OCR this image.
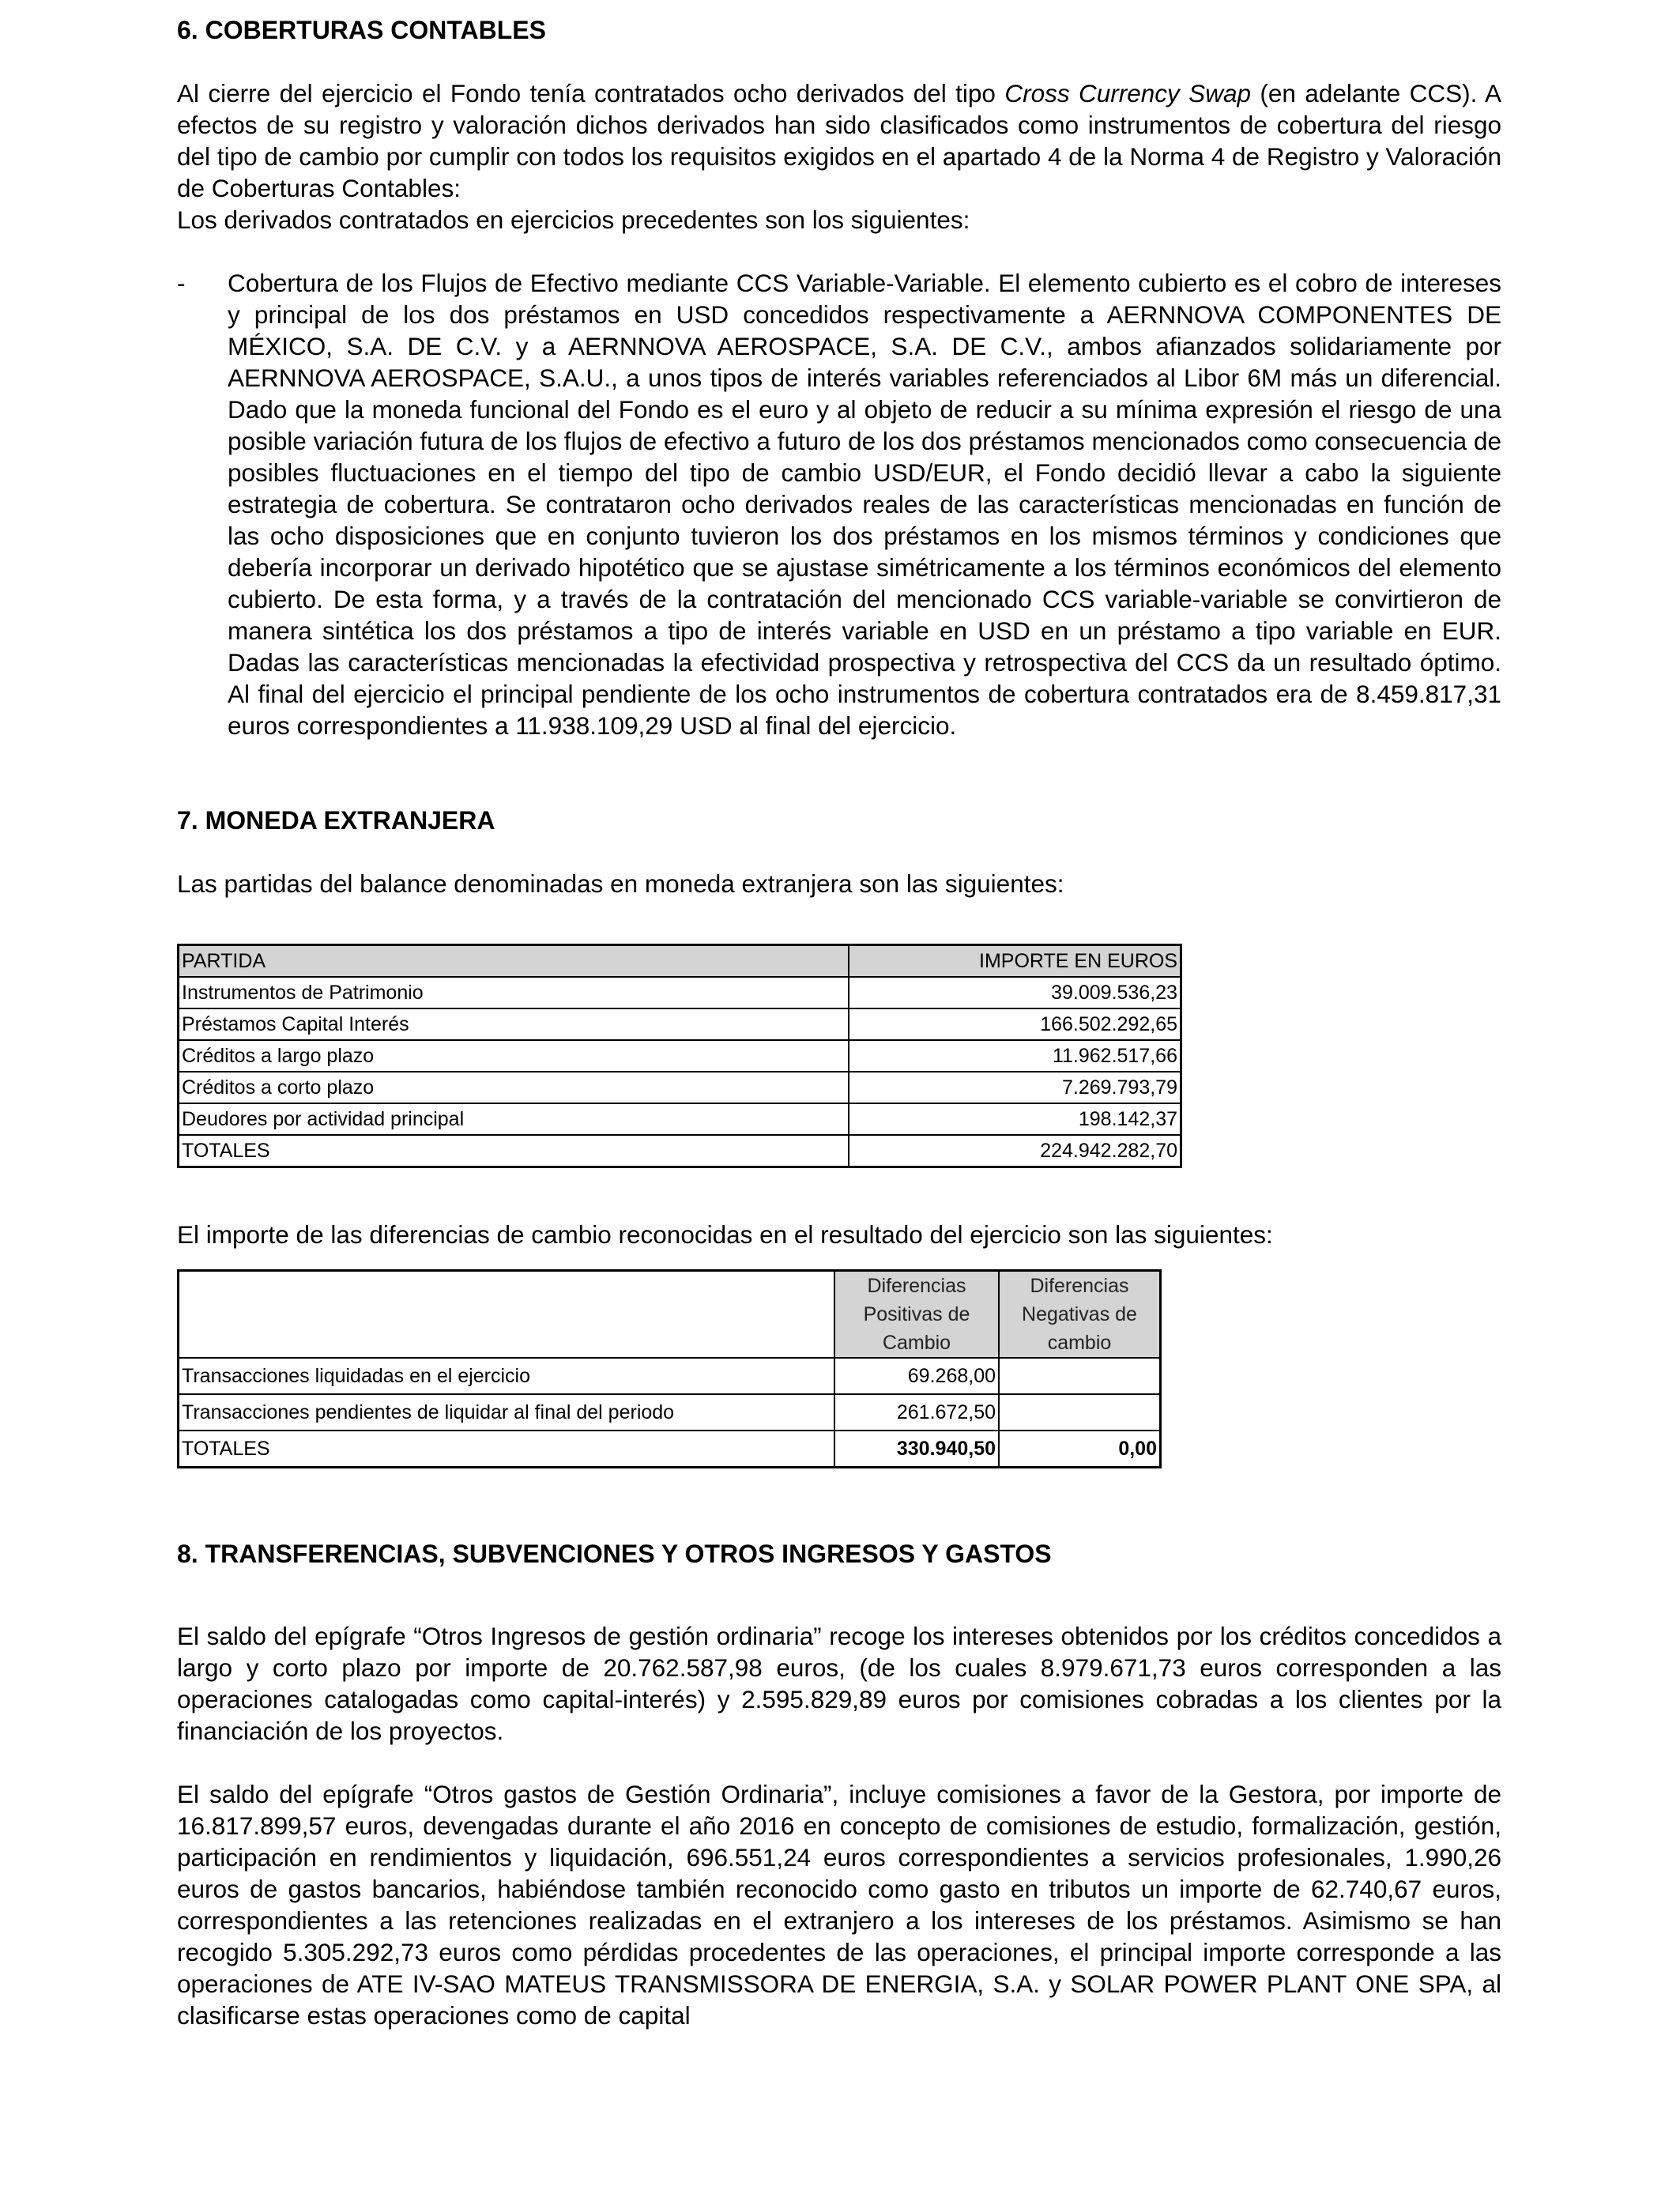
6. COBERTURAS CONTABLES

Al cierre del ejercicio el Fondo tenía contratados ocho derivados del tipo Cross Currency Swap (en adelante CCS). A efectos de su registro y valoración dichos derivados han sido clasificados como instrumentos de cobertura del riesgo del tipo de cambio por cumplir con todos los requisitos exigidos en el apartado 4 de la Norma 4 de Registro y Valoración de Coberturas Contables:

Los derivados contratados en ejercicios precedentes son los siguientes:

- Cobertura de los Flujos de Efectivo mediante CCS Variable-Variable. El elemento cubierto es el cobro de intereses y principal de los dos préstamos en USD concedidos respectivamente a AERNNOVA COMPONENTES DE MÉXICO, S.A. DE C.V. y a AERNNOVA AEROSPACE, S.A. DE C.V., ambos afianzados solidariamente por AERNNOVA AEROSPACE, S.A.U., a unos tipos de interés variables referenciados al Libor 6M más un diferencial. Dado que la moneda funcional del Fondo es el euro y al objeto de reducir a su mínima expresión el riesgo de una posible variación futura de los flujos de efectivo a futuro de los dos préstamos mencionados como consecuencia de posibles fluctuaciones en el tiempo del tipo de cambio USD/EUR, el Fondo decidió llevar a cabo la siguiente estrategia de cobertura. Se contrataron ocho derivados reales de las características mencionadas en función de las ocho disposiciones que en conjunto tuvieron los dos préstamos en los mismos términos y condiciones que debería incorporar un derivado hipotético que se ajustase simétricamente a los términos económicos del elemento cubierto. De esta forma, y a través de la contratación del mencionado CCS variable-variable se convirtieron de manera sintética los dos préstamos a tipo de interés variable en USD en un préstamo a tipo variable en EUR. Dadas las características mencionadas la efectividad prospectiva y retrospectiva del CCS da un resultado óptimo. Al final del ejercicio el principal pendiente de los ocho instrumentos de cobertura contratados era de 8.459.817,31 euros correspondientes a 11.938.109,29 USD al final del ejercicio.

7. MONEDA EXTRANJERA

Las partidas del balance denominadas en moneda extranjera son las siguientes:

PARTIDA	IMPORTE EN EUROS
Instrumentos de Patrimonio	39.009.536,23
Préstamos Capital Interés	166.502.292,65
Créditos a largo plazo	11.962.517,66
Créditos a corto plazo	7.269.793,79
Deudores por actividad principal	198.142,37
TOTALES	224.942.282,70

El importe de las diferencias de cambio reconocidas en el resultado del ejercicio son las siguientes:

	Diferencias Positivas de Cambio	Diferencias Negativas de cambio
Transacciones liquidadas en el ejercicio	69.268,00	
Transacciones pendientes de liquidar al final del periodo	261.672,50	
TOTALES	330.940,50	0,00
8. TRANSFERENCIAS, SUBVENCIONES Y OTROS INGRESOS Y GASTOS

El saldo del epígrafe “Otros Ingresos de gestión ordinaria” recoge los intereses obtenidos por los créditos concedidos a largo y corto plazo por importe de 20.762.587,98 euros, (de los cuales 8.979.671,73 euros corresponden a las operaciones catalogadas como capital-interés) y 2.595.829,89 euros por comisiones cobradas a los clientes por la financiación de los proyectos.

El saldo del epígrafe “Otros gastos de Gestión Ordinaria”, incluye comisiones a favor de la Gestora, por importe de 16.817.899,57 euros, devengadas durante el año 2016 en concepto de comisiones de estudio, formalización, gestión, participación en rendimientos y liquidación, 696.551,24 euros correspondientes a servicios profesionales, 1.990,26 euros de gastos bancarios, habiéndose también reconocido como gasto en tributos un importe de 62.740,67 euros, correspondientes a las retenciones realizadas en el extranjero a los intereses de los préstamos. Asimismo se han recogido 5.305.292,73 euros como pérdidas procedentes de las operaciones, el principal importe corresponde a las operaciones de ATE IV-SAO MATEUS TRANSMISSORA DE ENERGIA, S.A. y SOLAR POWER PLANT ONE SPA, al clasificarse estas operaciones como de capital
